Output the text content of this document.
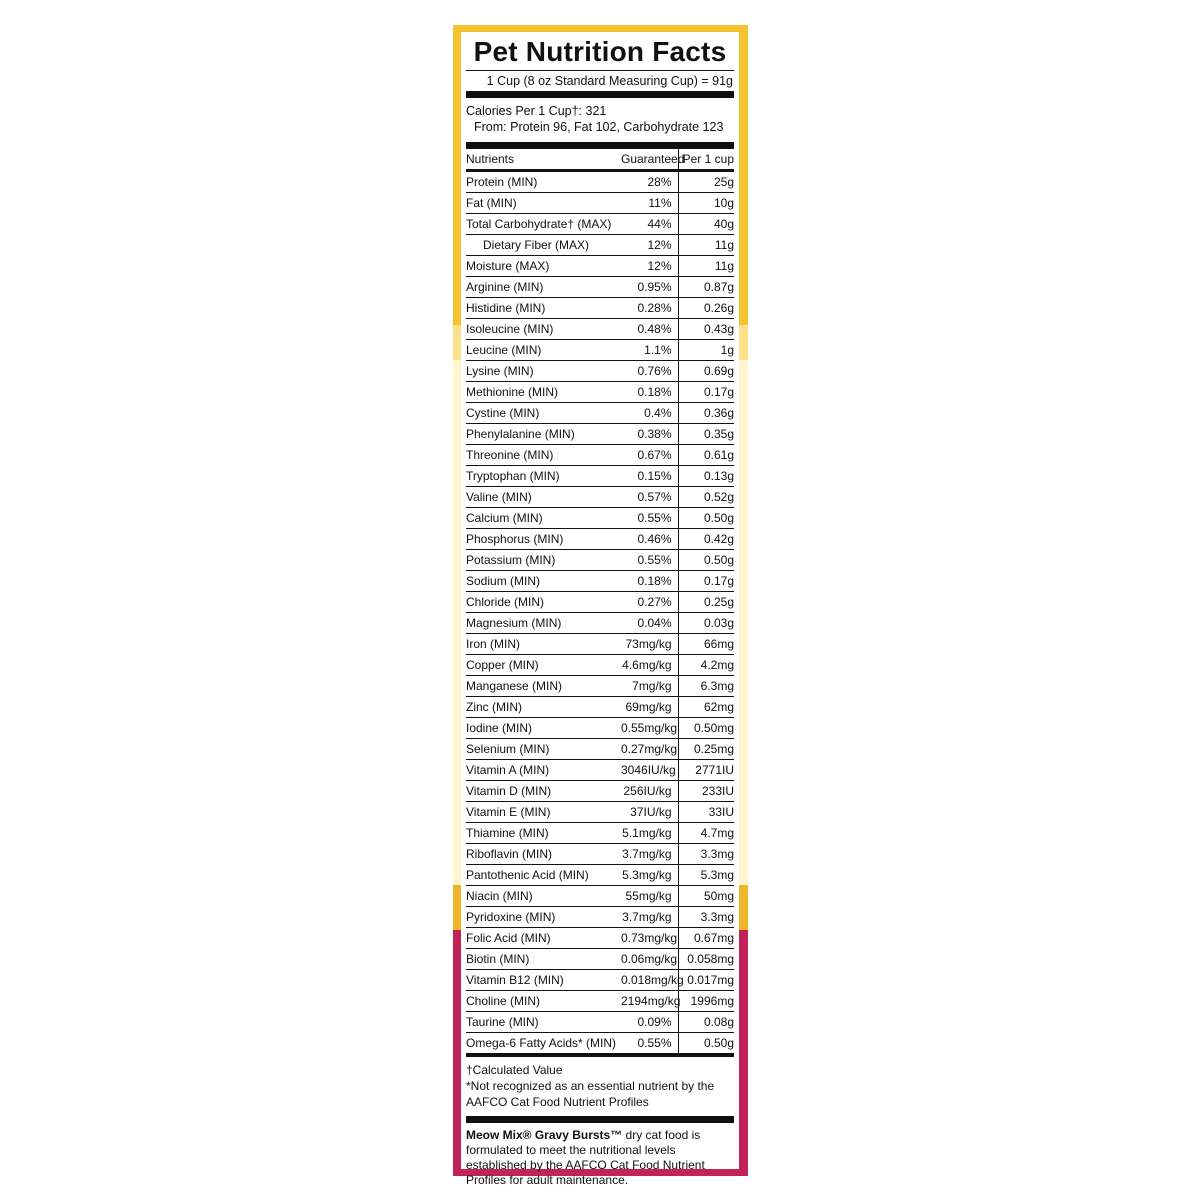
Pet Nutrition Facts
1 Cup (8 oz Standard Measuring Cup) = 91g
Calories Per 1 Cup†: 321
From: Protein 96, Fat 102, Carbohydrate 123
Nutrients	Guaranteed	Per 1 cup
Protein (MIN)	28%	25g
Fat (MIN)	11%	10g
Total Carbohydrate† (MAX)	44%	40g
Dietary Fiber (MAX)	12%	11g
Moisture (MAX)	12%	11g
Arginine (MIN)	0.95%	0.87g
Histidine (MIN)	0.28%	0.26g
Isoleucine (MIN)	0.48%	0.43g
Leucine (MIN)	1.1%	1g
Lysine (MIN)	0.76%	0.69g
Methionine (MIN)	0.18%	0.17g
Cystine (MIN)	0.4%	0.36g
Phenylalanine (MIN)	0.38%	0.35g
Threonine (MIN)	0.67%	0.61g
Tryptophan (MIN)	0.15%	0.13g
Valine (MIN)	0.57%	0.52g
Calcium (MIN)	0.55%	0.50g
Phosphorus (MIN)	0.46%	0.42g
Potassium (MIN)	0.55%	0.50g
Sodium (MIN)	0.18%	0.17g
Chloride (MIN)	0.27%	0.25g
Magnesium (MIN)	0.04%	0.03g
Iron (MIN)	73mg/kg	66mg
Copper (MIN)	4.6mg/kg	4.2mg
Manganese (MIN)	7mg/kg	6.3mg
Zinc (MIN)	69mg/kg	62mg
Iodine (MIN)	0.55mg/kg	0.50mg
Selenium (MIN)	0.27mg/kg	0.25mg
Vitamin A (MIN)	3046IU/kg	2771IU
Vitamin D (MIN)	256IU/kg	233IU
Vitamin E (MIN)	37IU/kg	33IU
Thiamine (MIN)	5.1mg/kg	4.7mg
Riboflavin (MIN)	3.7mg/kg	3.3mg
Pantothenic Acid (MIN)	5.3mg/kg	5.3mg
Niacin (MIN)	55mg/kg	50mg
Pyridoxine (MIN)	3.7mg/kg	3.3mg
Folic Acid (MIN)	0.73mg/kg	0.67mg
Biotin (MIN)	0.06mg/kg	0.058mg
Vitamin B12 (MIN)	0.018mg/kg	0.017mg
Choline (MIN)	2194mg/kg	1996mg
Taurine (MIN)	0.09%	0.08g
Omega-6 Fatty Acids* (MIN)	0.55%	0.50g
†Calculated Value
*Not recognized as an essential nutrient by the AAFCO Cat Food Nutrient Profiles
Meow Mix® Gravy Bursts™ dry cat food is formulated to meet the nutritional levels established by the AAFCO Cat Food Nutrient Profiles for adult maintenance.
